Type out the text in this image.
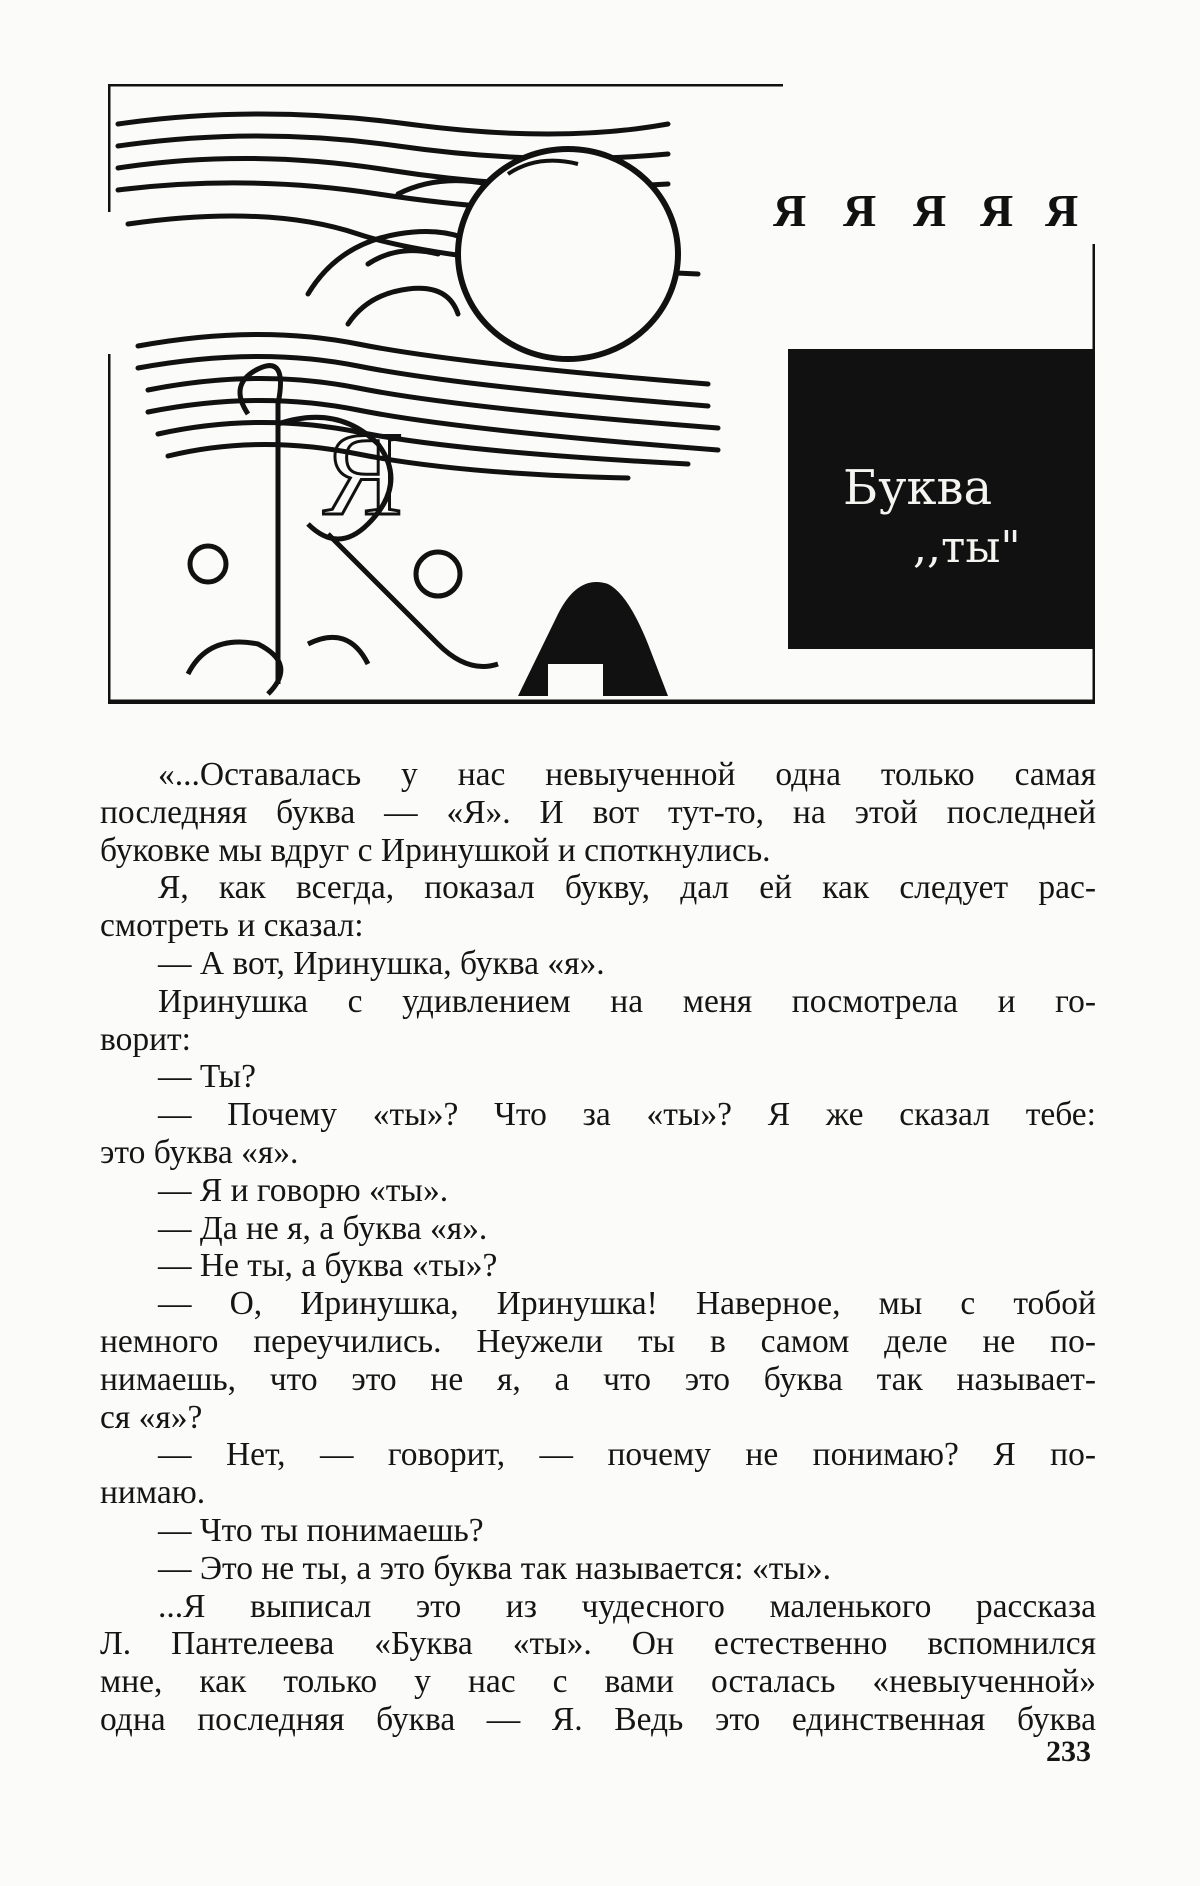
Я Я Я Я Я
Я	Буква
,,ты"
«...Оставалась у нас невыученной одна только самая
последняя буква — «Я». И вот тут-то, на этой последней
буковке мы вдруг с Иринушкой и споткнулись.
Я, как всегда, показал букву, дал ей как следует рас-
смотреть и сказал:
— А вот, Иринушка, буква «я».
Иринушка с удивлением на меня посмотрела и го-
ворит:
— Ты?
— Почему «ты»? Что за «ты»? Я же сказал тебе:
это буква «я».
— Я и говорю «ты».
— Да не я, а буква «я».
— Не ты, а буква «ты»?
— О, Иринушка, Иринушка! Наверное, мы с тобой
немного переучились. Неужели ты в самом деле не по-
нимаешь, что это не я, а что это буква так называет-
ся «я»?
— Нет, — говорит, — почему не понимаю? Я по-
нимаю.
— Что ты понимаешь?
— Это не ты, а это буква так называется: «ты».
...Я выписал это из чудесного маленького рассказа
Л. Пантелеева «Буква «ты». Он естественно вспомнился
мне, как только у нас с вами осталась «невыученной»
одна последняя буква — Я. Ведь это единственная буква
233
